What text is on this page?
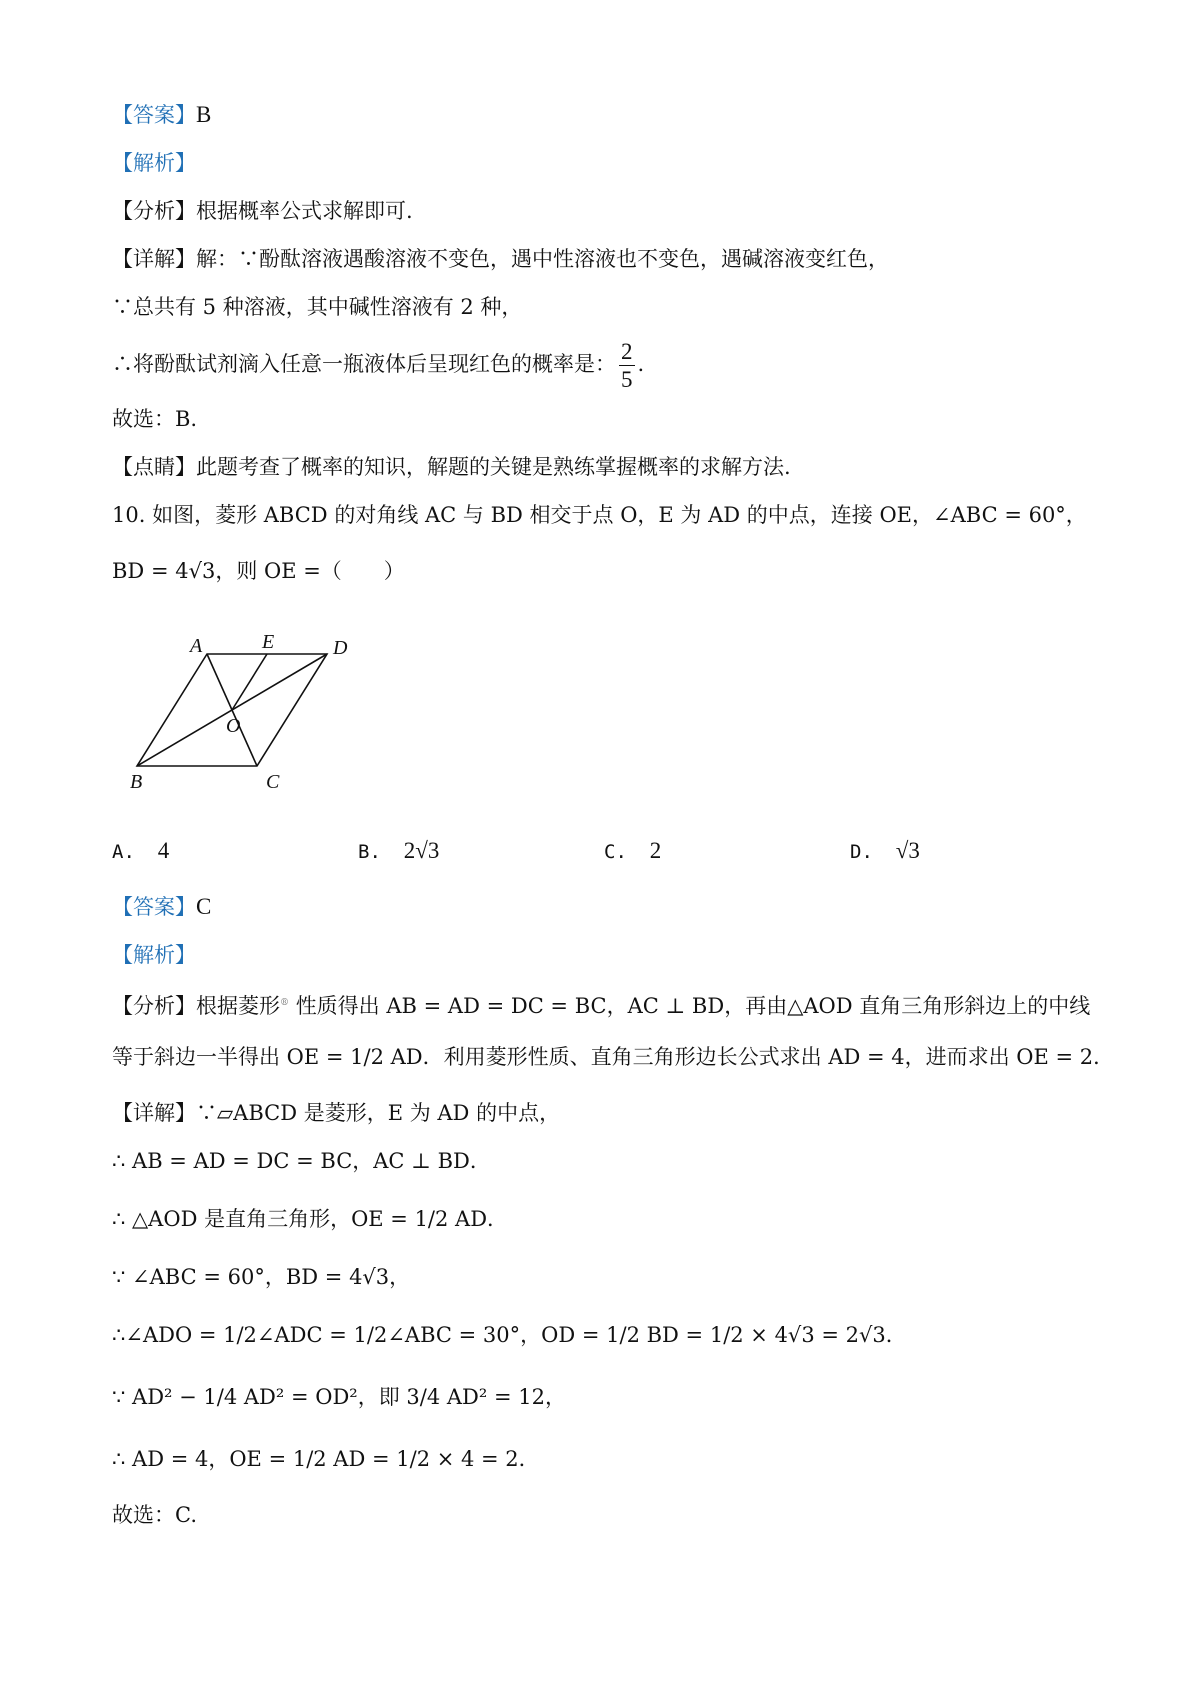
【答案】B
【解析】
【分析】根据概率公式求解即可.
【详解】解：∵酚酞溶液遇酸溶液不变色，遇中性溶液也不变色，遇碱溶液变红色，
∵总共有 5 种溶液，其中碱性溶液有 2 种，
∴将酚酞试剂滴入任意一瓶液体后呈现红色的概率是： $\frac{2}{5}$ .
故选：B.
【点睛】此题考查了概率的知识，解题的关键是熟练掌握概率的求解方法.
10. 如图，菱形 ABCD 的对角线 AC 与 BD 相交于点 O，E 为 AD 的中点，连接 OE，∠ABC = 60°，
BD = 4√3，则 OE =（　　）
A	E	D
O
B	C
A. 4	B. 2√3	C. 2	D. √3
【答案】C
【解析】
【分析】根据菱形® 性质得出 AB = AD = DC = BC，AC ⊥ BD，再由△AOD 直角三角形斜边上的中线
等于斜边一半得出 OE = 1/2 AD．利用菱形性质、直角三角形边长公式求出 AD = 4，进而求出 OE = 2．
【详解】∵▱ABCD 是菱形，E 为 AD 的中点，
∴ AB = AD = DC = BC，AC ⊥ BD．
∴ △AOD 是直角三角形，OE = 1/2 AD．
∵ ∠ABC = 60°，BD = 4√3，
∴∠ADO = 1/2∠ADC = 1/2∠ABC = 30°，OD = 1/2 BD = 1/2 × 4√3 = 2√3．
∵ AD² − 1/4 AD² = OD²，即 3/4 AD² = 12，
∴ AD = 4，OE = 1/2 AD = 1/2 × 4 = 2．
故选：C.
